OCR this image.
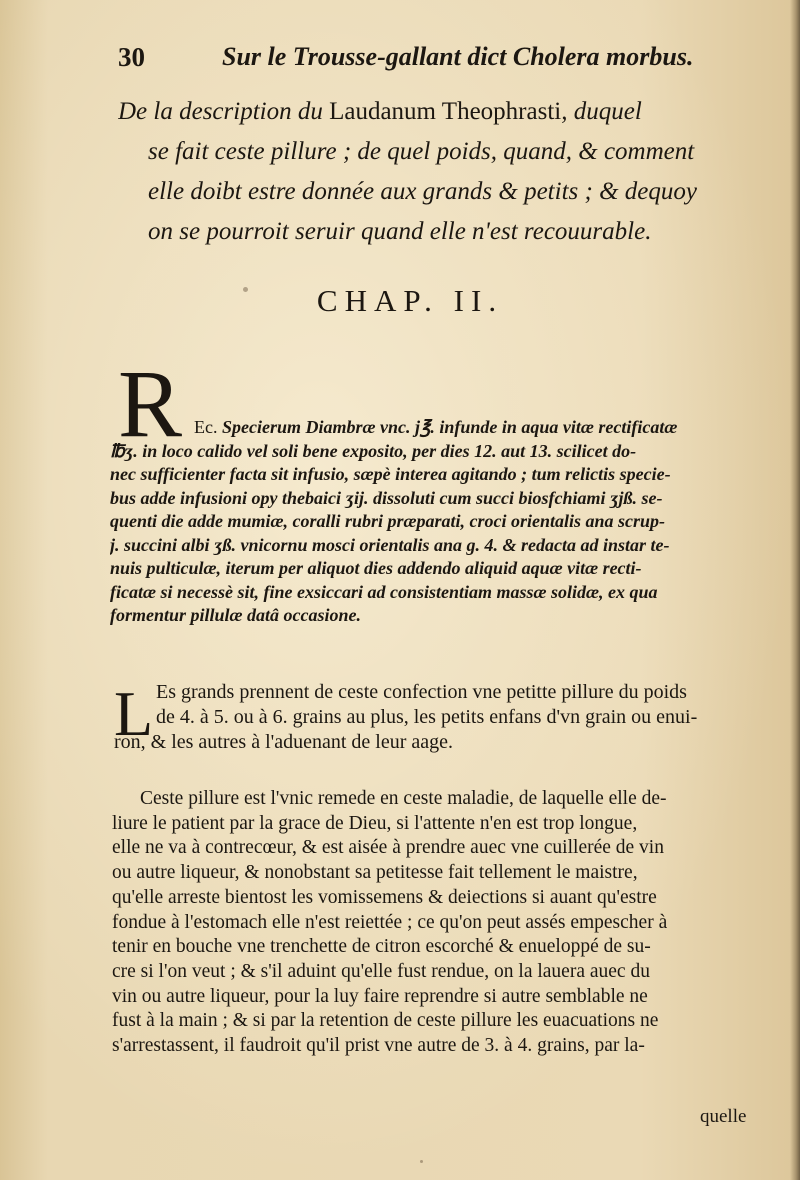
30	Sur le Trousse-gallant dict Cholera morbus.
De la description du Laudanum Theophrasti, duquel
se fait ceste pillure ; de quel poids, quand, & comment
elle doibt estre donnée aux grands & petits ; & dequoy
on se pourroit seruir quand elle n'est recouurable.
CHAP. II.
R Ec. Specierum Diambræ vnc. j℥. infunde in aqua vitæ rectificatæ
℔ʒ. in loco calido vel soli bene exposito, per dies 12. aut 13. scilicet do-
nec sufficienter facta sit infusio, sæpè interea agitando ; tum relictis specie-
bus adde infusioni opy thebaici ʒij. dissoluti cum succi biosfchiami ʒjß. se-
quenti die adde mumiæ, coralli rubri præparati, croci orientalis ana scrup-
j. succini albi ʒß. vnicornu mosci orientalis ana g. 4. & redacta ad instar te-
nuis pulticulæ, iterum per aliquot dies addendo aliquid aquæ vitæ recti-
ficatæ si necessè sit, fine exsiccari ad consistentiam massæ solidæ, ex qua
formentur pillulæ datâ occasione.
L Es grands prennent de ceste confection vne petitte pillure du poids
de 4. à 5. ou à 6. grains au plus, les petits enfans d'vn grain ou enui-
ron, & les autres à l'aduenant de leur aage.
Ceste pillure est l'vnic remede en ceste maladie, de laquelle elle de-
liure le patient par la grace de Dieu, si l'attente n'en est trop longue,
elle ne va à contrecœur, & est aisée à prendre auec vne cuillerée de vin
ou autre liqueur, & nonobstant sa petitesse fait tellement le maistre,
qu'elle arreste bientost les vomissemens & deiections si auant qu'estre
fondue à l'estomach elle n'est reiettée ; ce qu'on peut assés empescher à
tenir en bouche vne trenchette de citron escorché & enueloppé de su-
cre si l'on veut ; & s'il aduint qu'elle fust rendue, on la lauera auec du
vin ou autre liqueur, pour la luy faire reprendre si autre semblable ne
fust à la main ; & si par la retention de ceste pillure les euacuations ne
s'arrestassent, il faudroit qu'il prist vne autre de 3. à 4. grains, par la-
quelle
